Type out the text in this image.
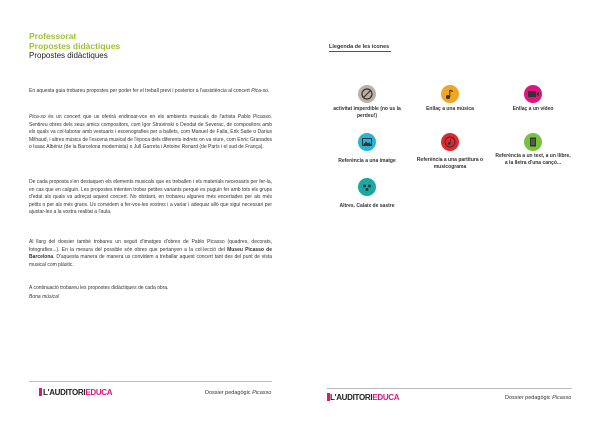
Professorat
Propostes didàctiques
Propostes didàctiques

En aquesta guia trobareu propostes per poder fer el treball previ i posterior a l'assistència al concert Pica-so.

Pica-so és un concert que us oferirà endinsar-vos en els ambients musicals de l'artista Pablo Picasso. Sentireu obres dels seus amics compositors, com Igor Stravinski o Deodat de Severac, de compositors amb els quals va col·laborar amb vestuaris i escenografies per a ballets, com Manuel de Falla, Erik Satie o Darius Milhaud, i altres músics de l'escena musical de l'època dels diferents indrets on va viure, com Enric Granados o Isaac Albéniz (de la Barcelona modernista) o Jull Garreta i Antoine Renard (de París i el sud de França).

De cada proposta s'en destaquen els elements musicals que es treballen i els materials necessaris per fer-la, en cas que en calguin. Les propostes intenten trobar petites variants perquè es puguin fer amb tots els grups d'edat als quals va adreçat aquest concert. No obstant, en trobareu algunes més encertades per als més petits o per als més grans. Us convidem a fer-vos-les vostres i a variar i adequar allò que sigui necessari per ajustar-les a la vostra realitat a l'aula.

Al llarg del dossier també trobareu un seguit d'imatges d'obres de Pablo Picasso (quadres, decorats, fotografies...). En la mesura del possible són obres que pertanyen a la col·lecció del Museu Picasso de Barcelona. D'aquesta manera de manera us convidem a treballar aquest concert tant des del punt de vista musical com plàstic.

A continuació trobareu les propostes didàctiques de cada obra.

Bona música!

L'AUDITORIEDUCA	Dossier pedagògic Picasso
Llegenda de les icones
activitat imperdible (no us la perdeu!)
Enllaç a una música	Enllaç a un vídeo
Referència a una imatge	Referència a una partitura o musicograma
Referència a un text, a un llibre, a la lletra d'una cançó...
Altres. Calaix de sastre
L'AUDITORIEDUCA	Dossier pedagògic Picasso
